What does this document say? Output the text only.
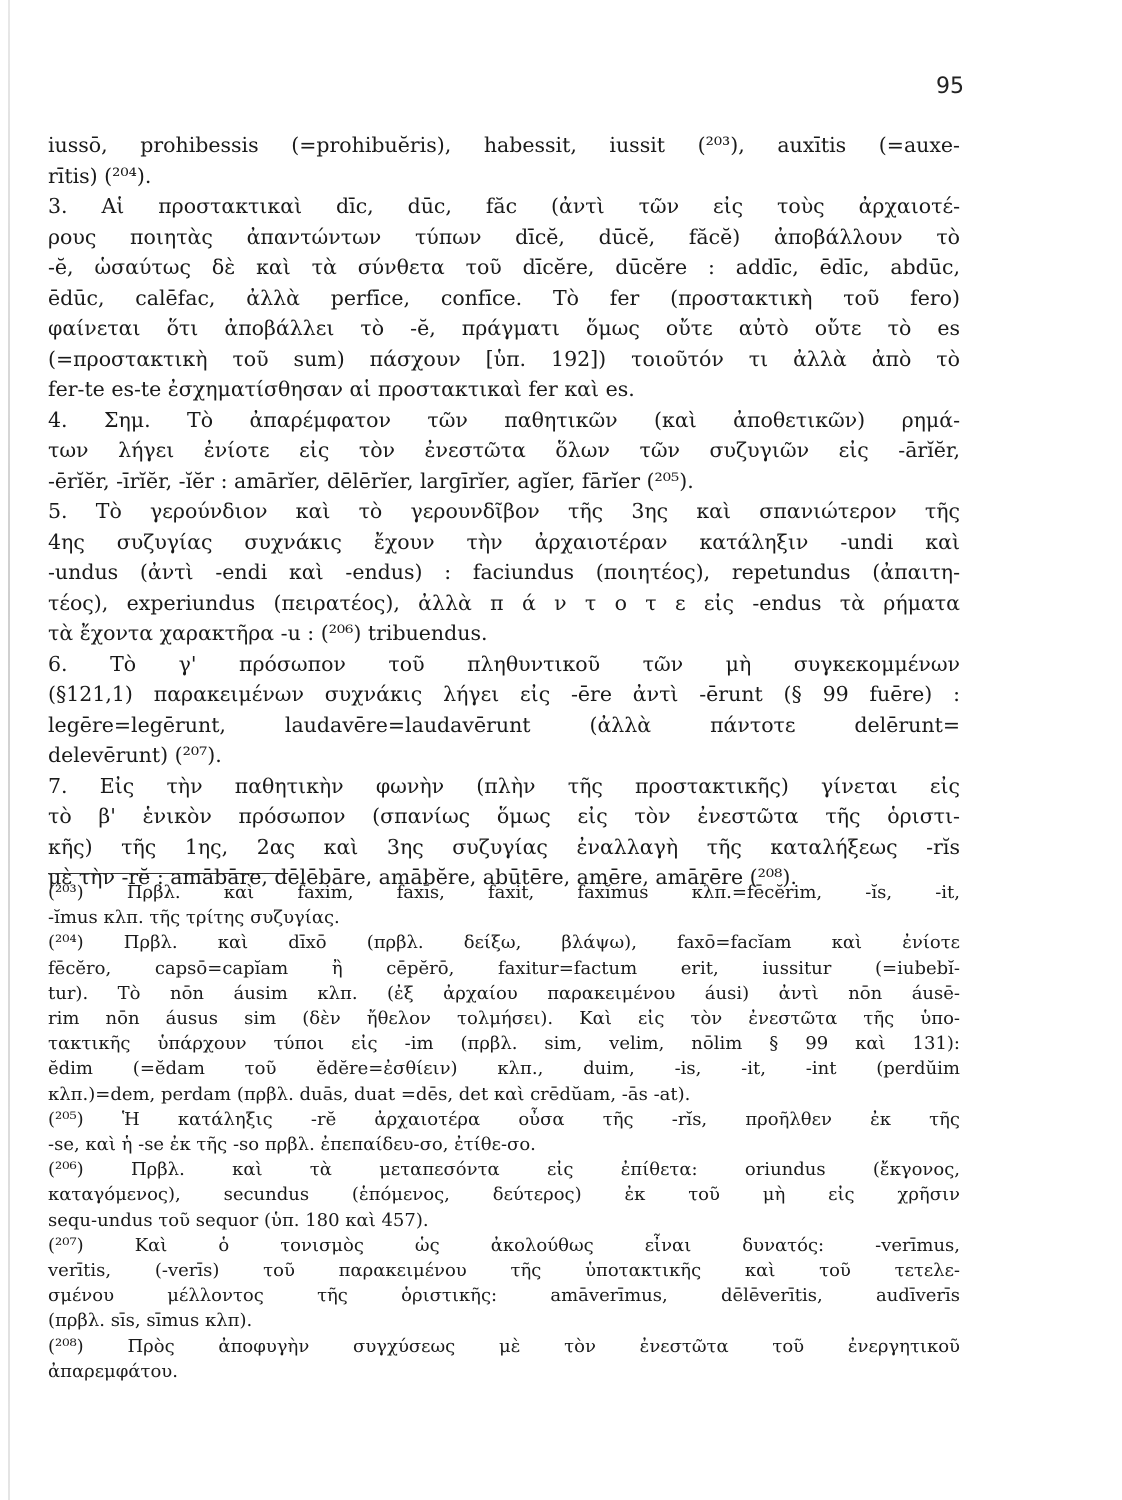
95
iussō, prohibessis (=prohibuĕris), habessit, iussit (²⁰³), auxītis (=auxe-
rītis) (²⁰⁴).
3. Αἱ προστακτικαὶ dīc, dūc, făc (ἀντὶ τῶν εἰς τοὺς ἀρχαιοτέ-
ρους ποιητὰς ἀπαντώντων τύπων dīcĕ, dūcĕ, făcĕ) ἀποβάλλουν τὸ
-ĕ, ὡσαύτως δὲ καὶ τὰ σύνθετα τοῦ dīcĕre, dūcĕre : addīc, ēdīc, abdūc,
ēdūc, calēfac, ἀλλὰ perfīce, confīce. Τὸ fer (προστακτικὴ τοῦ fero)
φαίνεται ὅτι ἀποβάλλει τὸ -ĕ, πράγματι ὅμως οὔτε αὐτὸ οὔτε τὸ es
(=προστακτικὴ τοῦ sum) πάσχουν [ὑπ. 192]) τοιοῦτόν τι ἀλλὰ ἀπὸ τὸ
fer-te es-te ἐσχηματίσθησαν αἱ προστακτικαὶ fer καὶ es.
4. Σημ. Τὸ ἀπαρέμφατον τῶν παθητικῶν (καὶ ἀποθετικῶν) ρημά-
των λήγει ἐνίοτε εἰς τὸν ἐνεστῶτα ὅλων τῶν συζυγιῶν εἰς -ārĭĕr,
-ērĭĕr, -īrĭĕr, -ĭĕr : amārĭer, dēlērĭer, largīrĭer, agĭer, fārĭer (²⁰⁵).
5. Τὸ γερούνδιον καὶ τὸ γερουνδῖβον τῆς 3ης καὶ σπανιώτερον τῆς
4ης συζυγίας συχνάκις ἔχουν τὴν ἀρχαιοτέραν κατάληξιν -undi καὶ
-undus (ἀντὶ -endi καὶ -endus) : faciundus (ποιητέος), repetundus (ἀπαιτη-
τέος), experiundus (πειρατέος), ἀλλὰ π ά ν τ ο τ ε εἰς -endus τὰ ρήματα
τὰ ἔχοντα χαρακτῆρα -u : (²⁰⁶) tribuendus.
6. Τὸ γ' πρόσωπον τοῦ πληθυντικοῦ τῶν μὴ συγκεκομμένων
(§121,1) παρακειμένων συχνάκις λήγει εἰς -ēre ἀντὶ -ērunt (§ 99 fuēre) :
legēre=legērunt, laudavēre=laudavērunt (ἀλλὰ πάντοτε delērunt=
delevērunt) (²⁰⁷).
7. Εἰς τὴν παθητικὴν φωνὴν (πλὴν τῆς προστακτικῆς) γίνεται εἰς
τὸ β' ἑνικὸν πρόσωπον (σπανίως ὅμως εἰς τὸν ἐνεστῶτα τῆς ὁριστι-
κῆς) τῆς 1ης, 2ας καὶ 3ης συζυγίας ἐναλλαγὴ τῆς καταλήξεως -rĭs
μὲ τὴν -rĕ : amābāre, dēlēbāre, amābĕre, abūtēre, amēre, amārēre (²⁰⁸).
(²⁰³) Πρβλ. καὶ faxim, faxīs, faxit, faxĭmus κλπ.=fēcĕrim, -ĭs, -it,
-ĭmus κλπ. τῆς τρίτης συζυγίας.
(²⁰⁴) Πρβλ. καὶ dīxō (πρβλ. δείξω, βλάψω), faxō=facĭam καὶ ἐνίοτε
fēcĕro, capsō=capĭam ἢ cēpĕrō, faxitur=factum erit, iussitur (=iubebĭ-
tur). Τὸ nōn áusim κλπ. (ἐξ ἀρχαίου παρακειμένου áusi) ἀντὶ nōn áusē-
rim nōn áusus sim (δὲν ἤθελον τολμήσει). Καὶ εἰς τὸν ἐνεστῶτα τῆς ὑπο-
τακτικῆς ὑπάρχουν τύποι εἰς -im (πρβλ. sim, velim, nōlim § 99 καὶ 131):
ĕdim (=ĕdam τοῦ ĕdĕre=ἐσθίειν) κλπ., duim, -is, -it, -int (perdŭim
κλπ.)=dem, perdam (πρβλ. duās, duat =dēs, det καὶ crēdŭam, -ās -at).
(²⁰⁵) Ἡ κατάληξις -rĕ ἀρχαιοτέρα οὖσα τῆς -rĭs, προῆλθεν ἐκ τῆς
-se, καὶ ἡ -se ἐκ τῆς -so πρβλ. ἐπεπαίδευ-σο, ἐτίθε-σο.
(²⁰⁶) Πρβλ. καὶ τὰ μεταπεσόντα εἰς ἐπίθετα: oriundus (ἔκγονος,
καταγόμενος), secundus (ἑπόμενος, δεύτερος) ἐκ τοῦ μὴ εἰς χρῆσιν
sequ-undus τοῦ sequor (ὑπ. 180 καὶ 457).
(²⁰⁷) Καὶ ὁ τονισμὸς ὡς ἀκολούθως εἶναι δυνατός: -verīmus,
verītis, (-verīs) τοῦ παρακειμένου τῆς ὑποτακτικῆς καὶ τοῦ τετελε-
σμένου μέλλοντος τῆς ὁριστικῆς: amāverīmus, dēlēverītis, audīverīs
(πρβλ. sīs, sīmus κλπ).
(²⁰⁸) Πρὸς ἀποφυγὴν συγχύσεως μὲ τὸν ἐνεστῶτα τοῦ ἐνεργητικοῦ
ἀπαρεμφάτου.
